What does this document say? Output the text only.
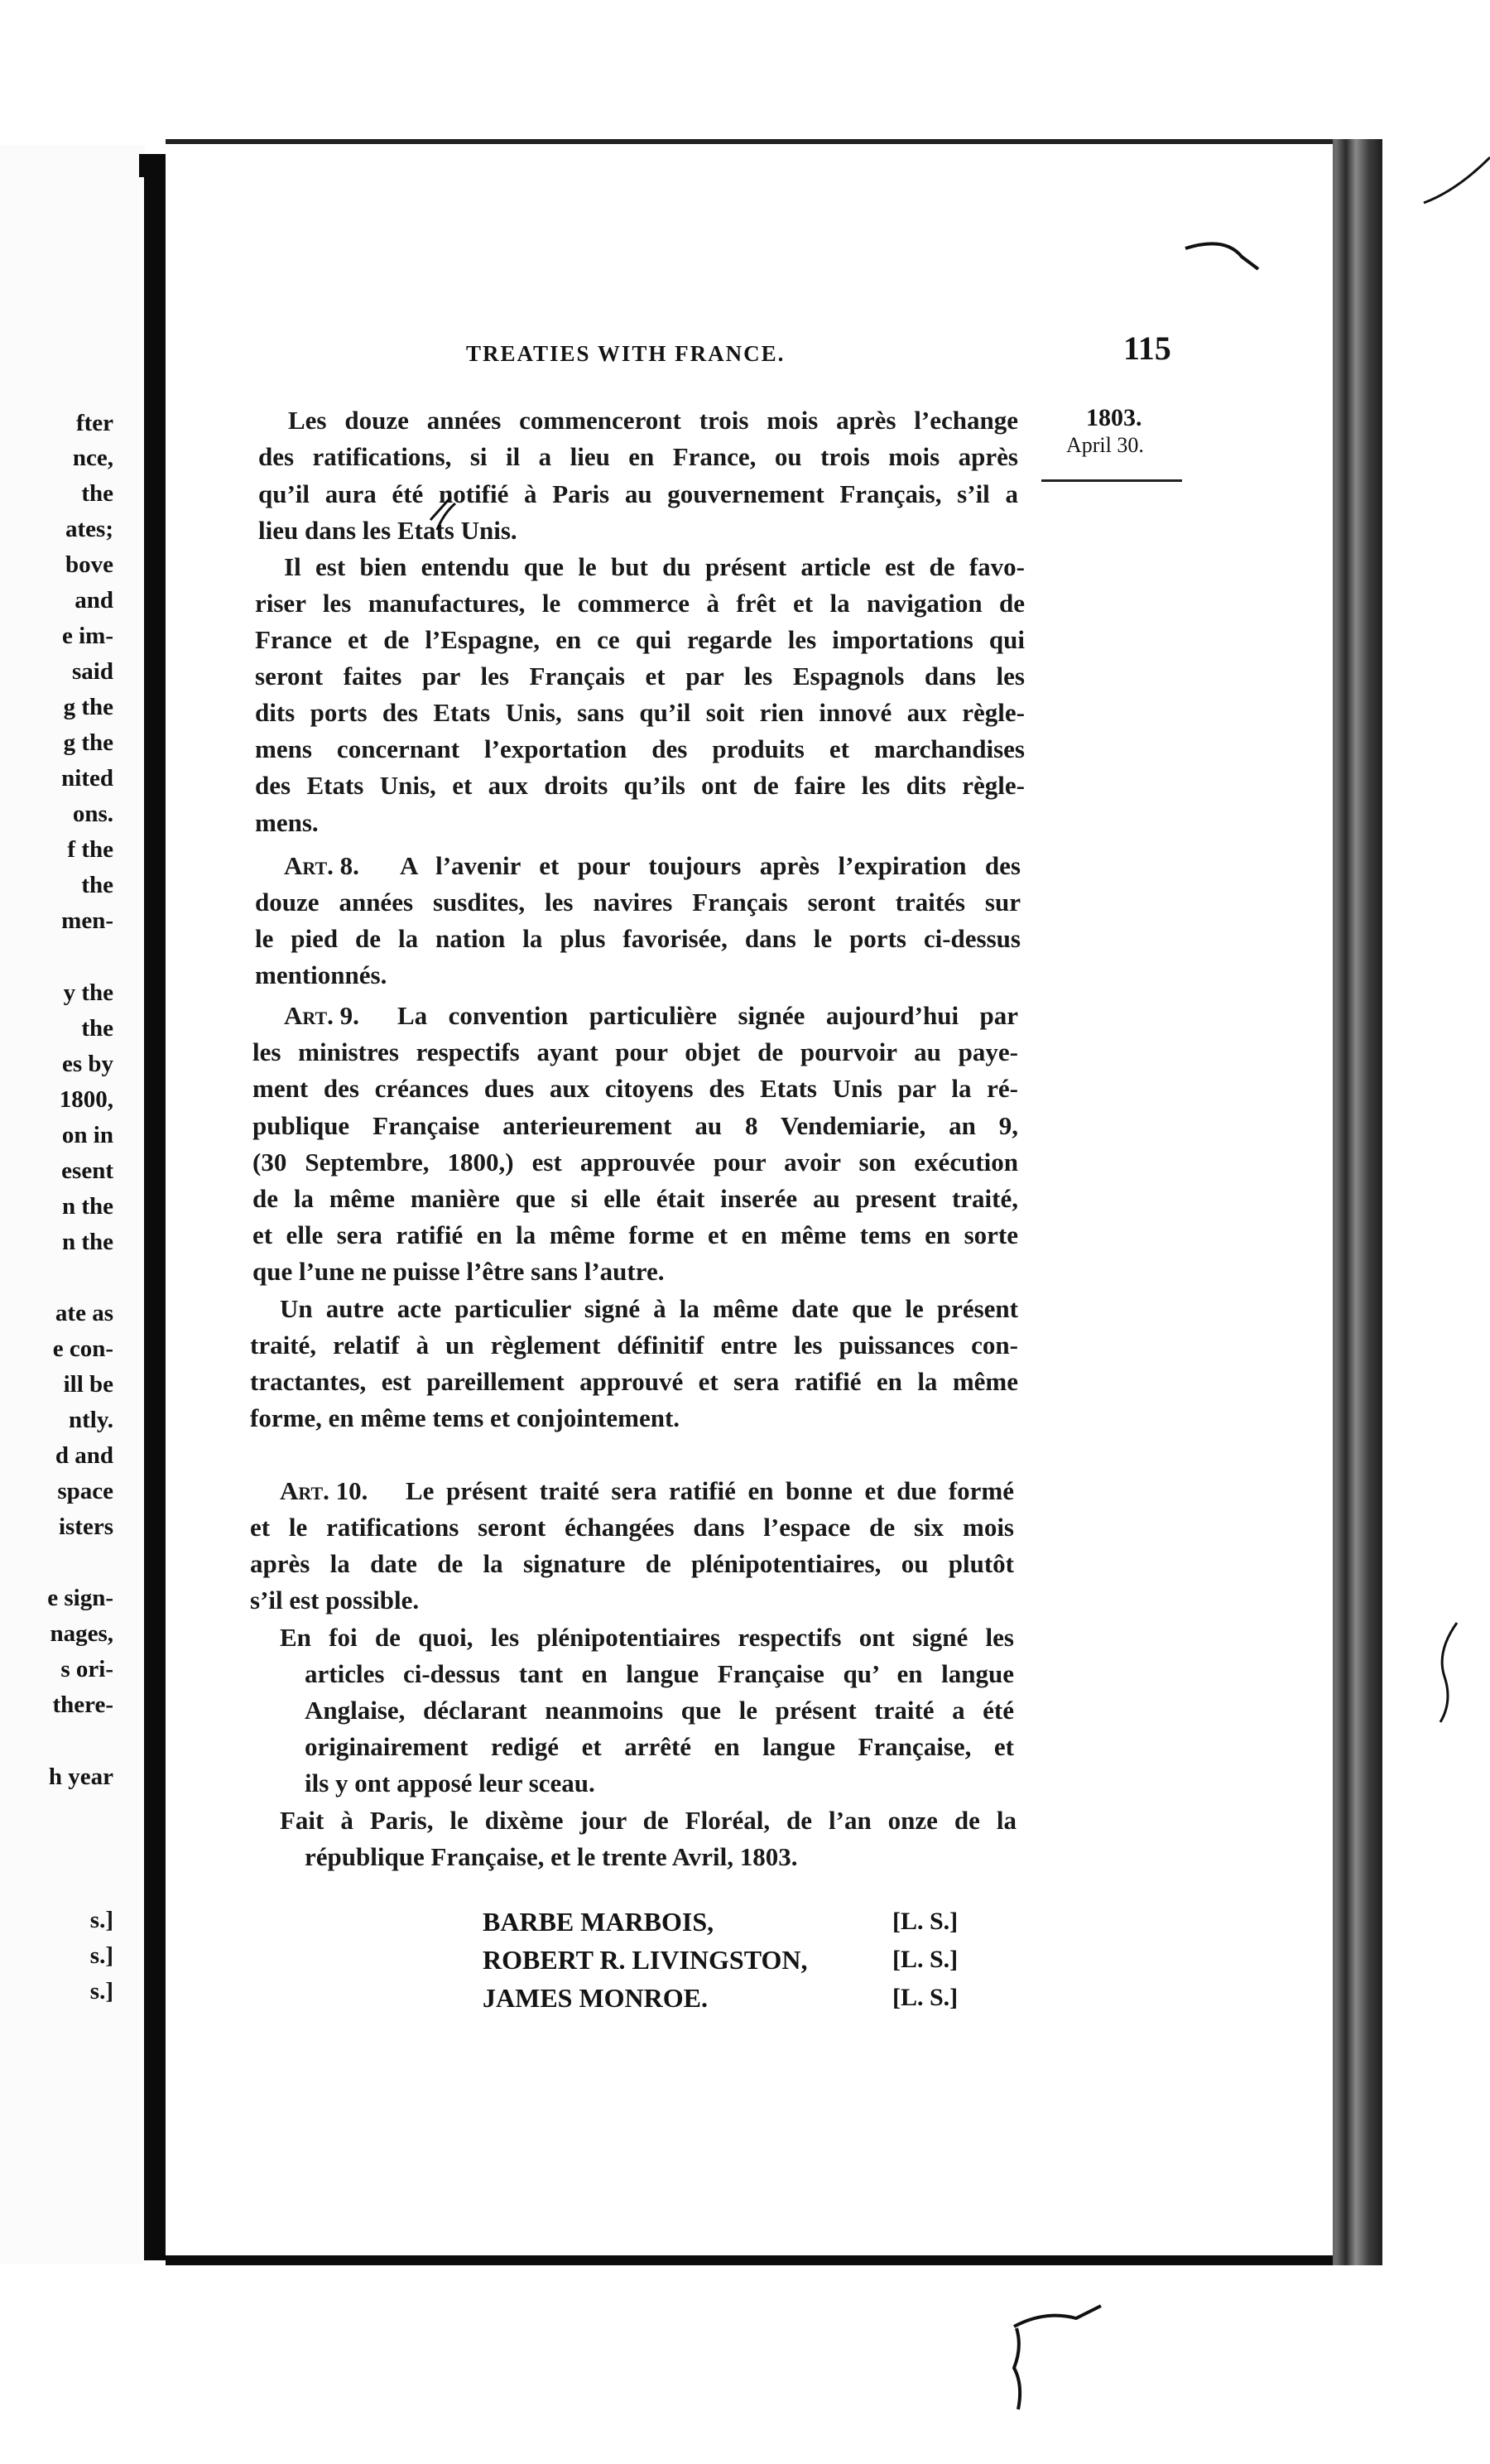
fter
nce,
the
ates;
bove
and
e im-
said
g the
g the
nited
ons.
f the
the
men-
y the
the
es by
1800,
on in
esent
n the
n the
ate as
e con-
ill be
ntly.
d and
space
isters
e sign-
nages,
s ori-
there-
h year
s.]
s.]
s.]
TREATIES WITH FRANCE.	115
1803.
April 30.
Les douze années commenceront trois mois après l’echange
des ratifications, si il a lieu en France, ou trois mois après
qu’il aura été notifié à Paris au gouvernement Français, s’il a
lieu dans les Etats Unis.
Il est bien entendu que le but du présent article est de favo-
riser les manufactures, le commerce à frêt et la navigation de
France et de l’Espagne, en ce qui regarde les importations qui
seront faites par les Français et par les Espagnols dans les
dits ports des Etats Unis, sans qu’il soit rien innové aux règle-
mens concernant l’exportation des produits et marchandises
des Etats Unis, et aux droits qu’ils ont de faire les dits règle-
mens.
Art. 8. A l’avenir et pour toujours après l’expiration des
douze années susdites, les navires Français seront traités sur
le pied de la nation la plus favorisée, dans le ports ci-dessus
mentionnés.
Art. 9. La convention particulière signée aujourd’hui par
les ministres respectifs ayant pour objet de pourvoir au paye-
ment des créances dues aux citoyens des Etats Unis par la ré-
publique Française anterieurement au 8 Vendemiarie, an 9,
(30 Septembre, 1800,) est approuvée pour avoir son exécution
de la même manière que si elle était inserée au present traité,
et elle sera ratifié en la même forme et en même tems en sorte
que l’une ne puisse l’être sans l’autre.
Un autre acte particulier signé à la même date que le présent
traité, relatif à un règlement définitif entre les puissances con-
tractantes, est pareillement approuvé et sera ratifié en la même
forme, en même tems et conjointement.
Art. 10. Le présent traité sera ratifié en bonne et due formé
et le ratifications seront échangées dans l’espace de six mois
après la date de la signature de plénipotentiaires, ou plutôt
s’il est possible.
En foi de quoi, les plénipotentiaires respectifs ont signé les
articles ci-dessus tant en langue Française qu’ en langue
Anglaise, déclarant neanmoins que le présent traité a été
originairement redigé et arrêté en langue Française, et
ils y ont apposé leur sceau.
Fait à Paris, le dixème jour de Floréal, de l’an onze de la
république Française, et le trente Avril, 1803.
BARBE MARBOIS,	[L. S.]
ROBERT R. LIVINGSTON,	[L. S.]
JAMES MONROE.	[L. S.]
